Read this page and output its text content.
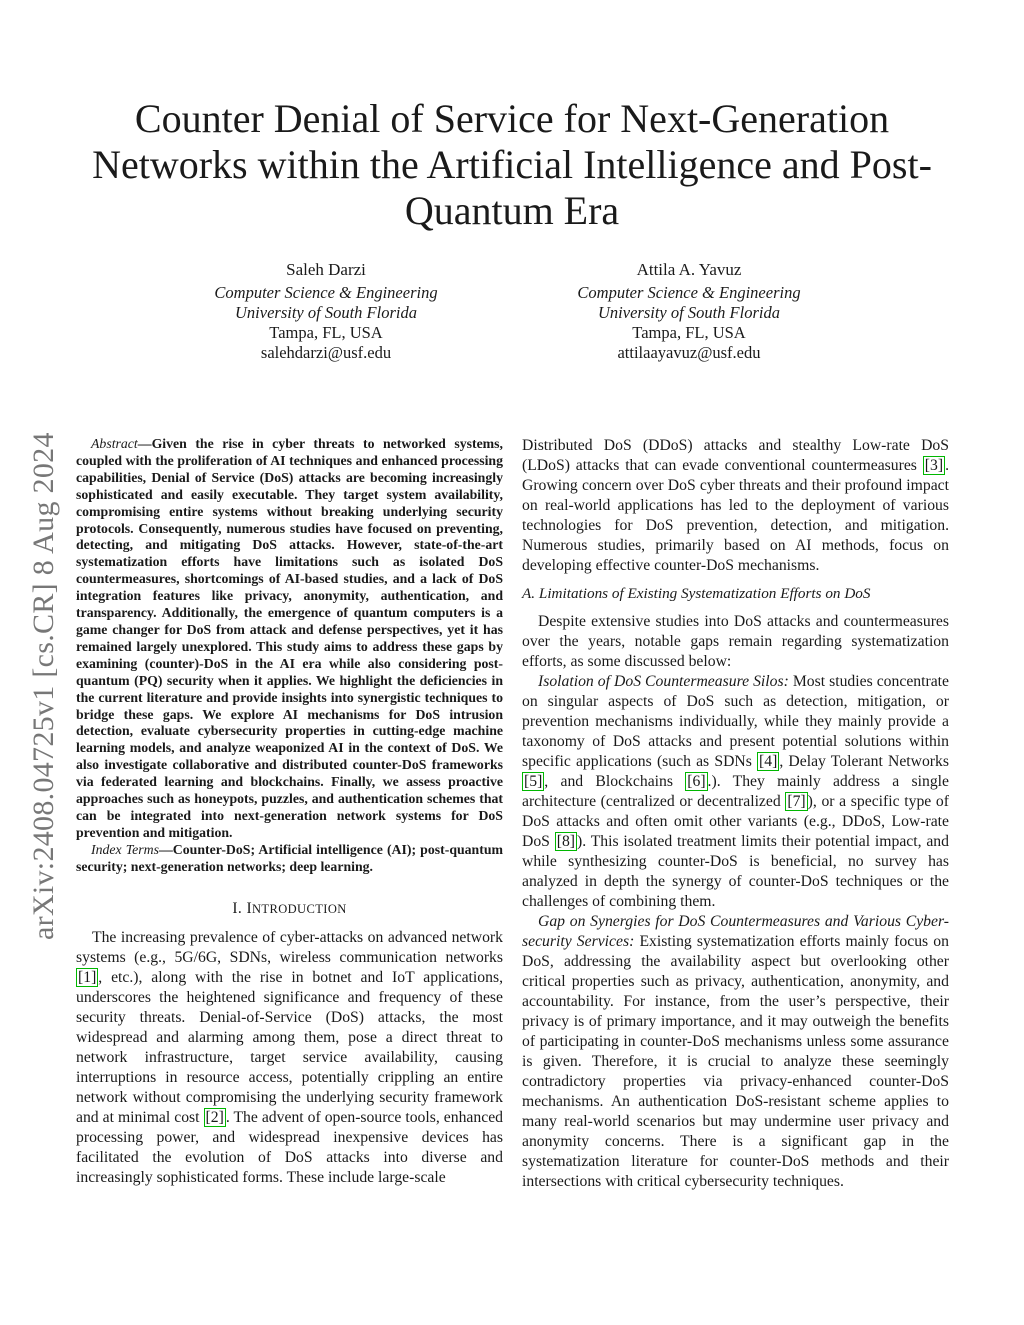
arXiv:2408.04725v1 [cs.CR] 8 Aug 2024
Counter Denial of Service for Next-Generation Networks within the Artificial Intelligence and Post-Quantum Era
Saleh Darzi
Computer Science & Engineering
University of South Florida
Tampa, FL, USA
salehdarzi@usf.edu
Attila A. Yavuz
Computer Science & Engineering
University of South Florida
Tampa, FL, USA
attilaayavuz@usf.edu

Abstract—Given the rise in cyber threats to networked systems, coupled with the proliferation of AI techniques and enhanced processing capabilities, Denial of Service (DoS) attacks are becoming increasingly sophisticated and easily executable. They target system availability, compromising entire systems without breaking underlying security protocols. Consequently, numerous studies have focused on preventing, detecting, and mitigating DoS attacks. However, state-of-the-art systematization efforts have limitations such as isolated DoS countermeasures, shortcomings of AI-based studies, and a lack of DoS integration features like privacy, anonymity, authentication, and transparency. Additionally, the emergence of quantum computers is a game changer for DoS from attack and defense perspectives, yet it has remained largely unexplored. This study aims to address these gaps by examining (counter)-DoS in the AI era while also considering post-quantum (PQ) security when it applies. We highlight the deficiencies in the current literature and provide insights into synergistic techniques to bridge these gaps. We explore AI mechanisms for DoS intrusion detection, evaluate cybersecurity properties in cutting-edge machine learning models, and analyze weaponized AI in the context of DoS. We also investigate collaborative and distributed counter-DoS frameworks via federated learning and blockchains. Finally, we assess proactive approaches such as honeypots, puzzles, and authentication schemes that can be integrated into next-generation network systems for DoS prevention and mitigation.

Index Terms—Counter-DoS; Artificial intelligence (AI); post-quantum security; next-generation networks; deep learning.

I. INTRODUCTION

The increasing prevalence of cyber-attacks on advanced network systems (e.g., 5G/6G, SDNs, wireless communication networks [1] , etc.), along with the rise in botnet and IoT applications, underscores the heightened significance and frequency of these security threats. Denial-of-Service (DoS) attacks, the most widespread and alarming among them, pose a direct threat to network infrastructure, target service availability, causing interruptions in resource access, potentially crippling an entire network without compromising the underlying security framework and at minimal cost [2] . The advent of open-source tools, enhanced processing power, and widespread inexpensive devices has facilitated the evolution of DoS attacks into diverse and increasingly sophisticated forms. These include large-scale

Distributed DoS (DDoS) attacks and stealthy Low-rate DoS (LDoS) attacks that can evade conventional countermeasures [3] . Growing concern over DoS cyber threats and their profound impact on real-world applications has led to the deployment of various technologies for DoS prevention, detection, and mitigation. Numerous studies, primarily based on AI methods, focus on developing effective counter-DoS mechanisms.

A. Limitations of Existing Systematization Efforts on DoS

Despite extensive studies into DoS attacks and countermeasures over the years, notable gaps remain regarding systematization efforts, as some discussed below:

Isolation of DoS Countermeasure Silos: Most studies concentrate on singular aspects of DoS such as detection, mitigation, or prevention mechanisms individually, while they mainly provide a taxonomy of DoS attacks and present potential solutions within specific applications (such as SDNs [4] , Delay Tolerant Networks [5] , and Blockchains [6] .). They mainly address a single architecture (centralized or decentralized [7] ), or a specific type of DoS attacks and often omit other variants (e.g., DDoS, Low-rate DoS [8] ). This isolated treatment limits their potential impact, and while synthesizing counter-DoS is beneficial, no survey has analyzed in depth the synergy of counter-DoS techniques or the challenges of combining them.

Gap on Synergies for DoS Countermeasures and Various Cyber-security Services: Existing systematization efforts mainly focus on DoS, addressing the availability aspect but overlooking other critical properties such as privacy, authentication, anonymity, and accountability. For instance, from the user’s perspective, their privacy is of primary importance, and it may outweigh the benefits of participating in counter-DoS mechanisms unless some assurance is given. Therefore, it is crucial to analyze these seemingly contradictory properties via privacy-enhanced counter-DoS mechanisms. An authentication DoS-resistant scheme applies to many real-world scenarios but may undermine user privacy and anonymity concerns. There is a significant gap in the systematization literature for counter-DoS methods and their intersections with critical cybersecurity techniques.
